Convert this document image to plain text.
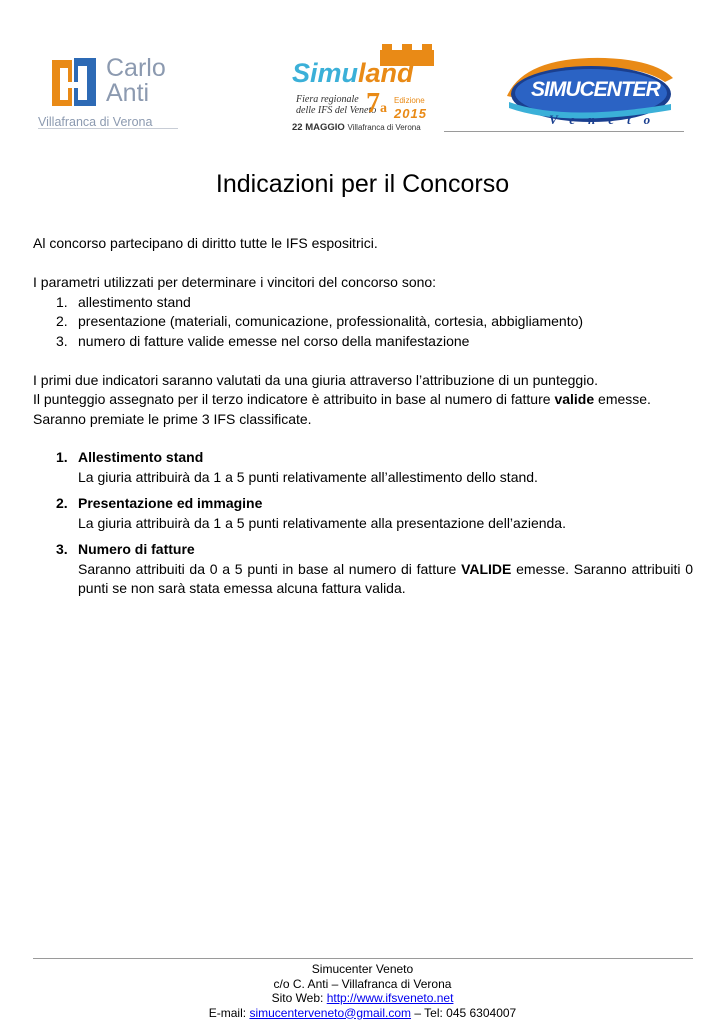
Carlo
Anti
Villafranca di Verona
Simuland
Fiera regionale
delle IFS del Veneto
7a
Edizione
2015
22 MAGGIO Villafranca di Verona
SIMUCENTER
Veneto
Indicazioni per il Concorso

Al concorso partecipano di diritto tutte le IFS espositrici.

I parametri utilizzati per determinare i vincitori del concorso sono:

1. allestimento stand
2. presentazione (materiali, comunicazione, professionalità, cortesia, abbigliamento)
3. numero di fatture valide emesse nel corso della manifestazione

I primi due indicatori saranno valutati da una giuria attraverso l’attribuzione di un punteggio.

Il punteggio assegnato per il terzo indicatore è attribuito in base al numero di fatture valide emesse.

Saranno premiate le prime 3 IFS classificate.

1. Allestimento stand
La giuria attribuirà da 1 a 5 punti relativamente all’allestimento dello stand.
2. Presentazione ed immagine
La giuria attribuirà da 1 a 5 punti relativamente alla presentazione dell’azienda.
3. Numero di fatture
Saranno attribuiti da 0 a 5 punti in base al numero di fatture VALIDE emesse. Saranno attribuiti 0 punti se non sarà stata emessa alcuna fattura valida.
Simucenter Veneto
c/o C. Anti – Villafranca di Verona
Sito Web: http://www.ifsveneto.net
E-mail: simucenterveneto@gmail.com – Tel: 045 6304007
